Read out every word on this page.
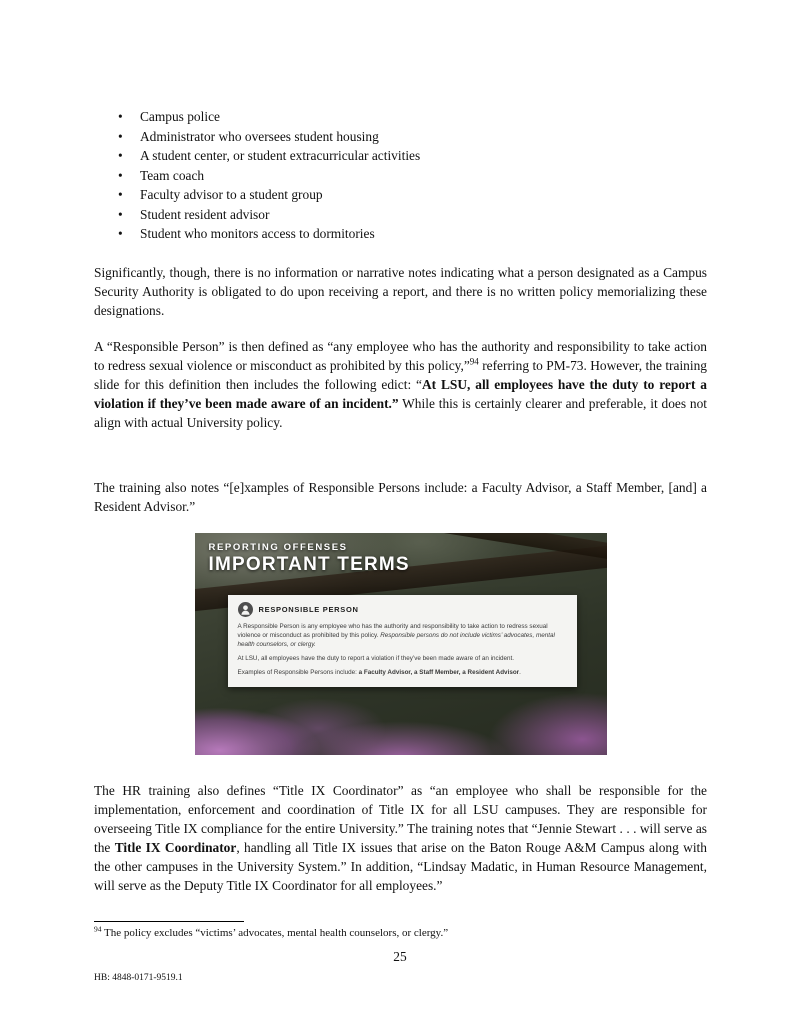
• Campus police
• Administrator who oversees student housing
• A student center, or student extracurricular activities
• Team coach
• Faculty advisor to a student group
• Student resident advisor
• Student who monitors access to dormitories

Significantly, though, there is no information or narrative notes indicating what a person designated as a Campus Security Authority is obligated to do upon receiving a report, and there is no written policy memorializing these designations.

A “Responsible Person” is then defined as “any employee who has the authority and responsibility to take action to redress sexual violence or misconduct as prohibited by this policy,”$^{94}$ referring to PM-73. However, the training slide for this definition then includes the following edict: “At LSU, all employees have the duty to report a violation if they’ve been made aware of an incident.” While this is certainly clearer and preferable, it does not align with actual University policy.

The training also notes “[e]xamples of Responsible Persons include: a Faculty Advisor, a Staff Member, [and] a Resident Advisor.”

REPORTING OFFENSES
IMPORTANT TERMS
RESPONSIBLE PERSON

A Responsible Person is any employee who has the authority and responsibility to take action to redress sexual violence or misconduct as prohibited by this policy. Responsible persons do not include victims’ advocates, mental health counselors, or clergy.

At LSU, all employees have the duty to report a violation if they’ve been made aware of an incident.

Examples of Responsible Persons include: a Faculty Advisor, a Staff Member, a Resident Advisor.

The HR training also defines “Title IX Coordinator” as “an employee who shall be responsible for the implementation, enforcement and coordination of Title IX for all LSU campuses. They are responsible for overseeing Title IX compliance for the entire University.” The training notes that “Jennie Stewart . . . will serve as the Title IX Coordinator, handling all Title IX issues that arise on the Baton Rouge A&M Campus along with the other campuses in the University System.” In addition, “Lindsay Madatic, in Human Resource Management, will serve as the Deputy Title IX Coordinator for all employees.”

$^{94}$ The policy excludes “victims’ advocates, mental health counselors, or clergy.”

25
HB: 4848-0171-9519.1
